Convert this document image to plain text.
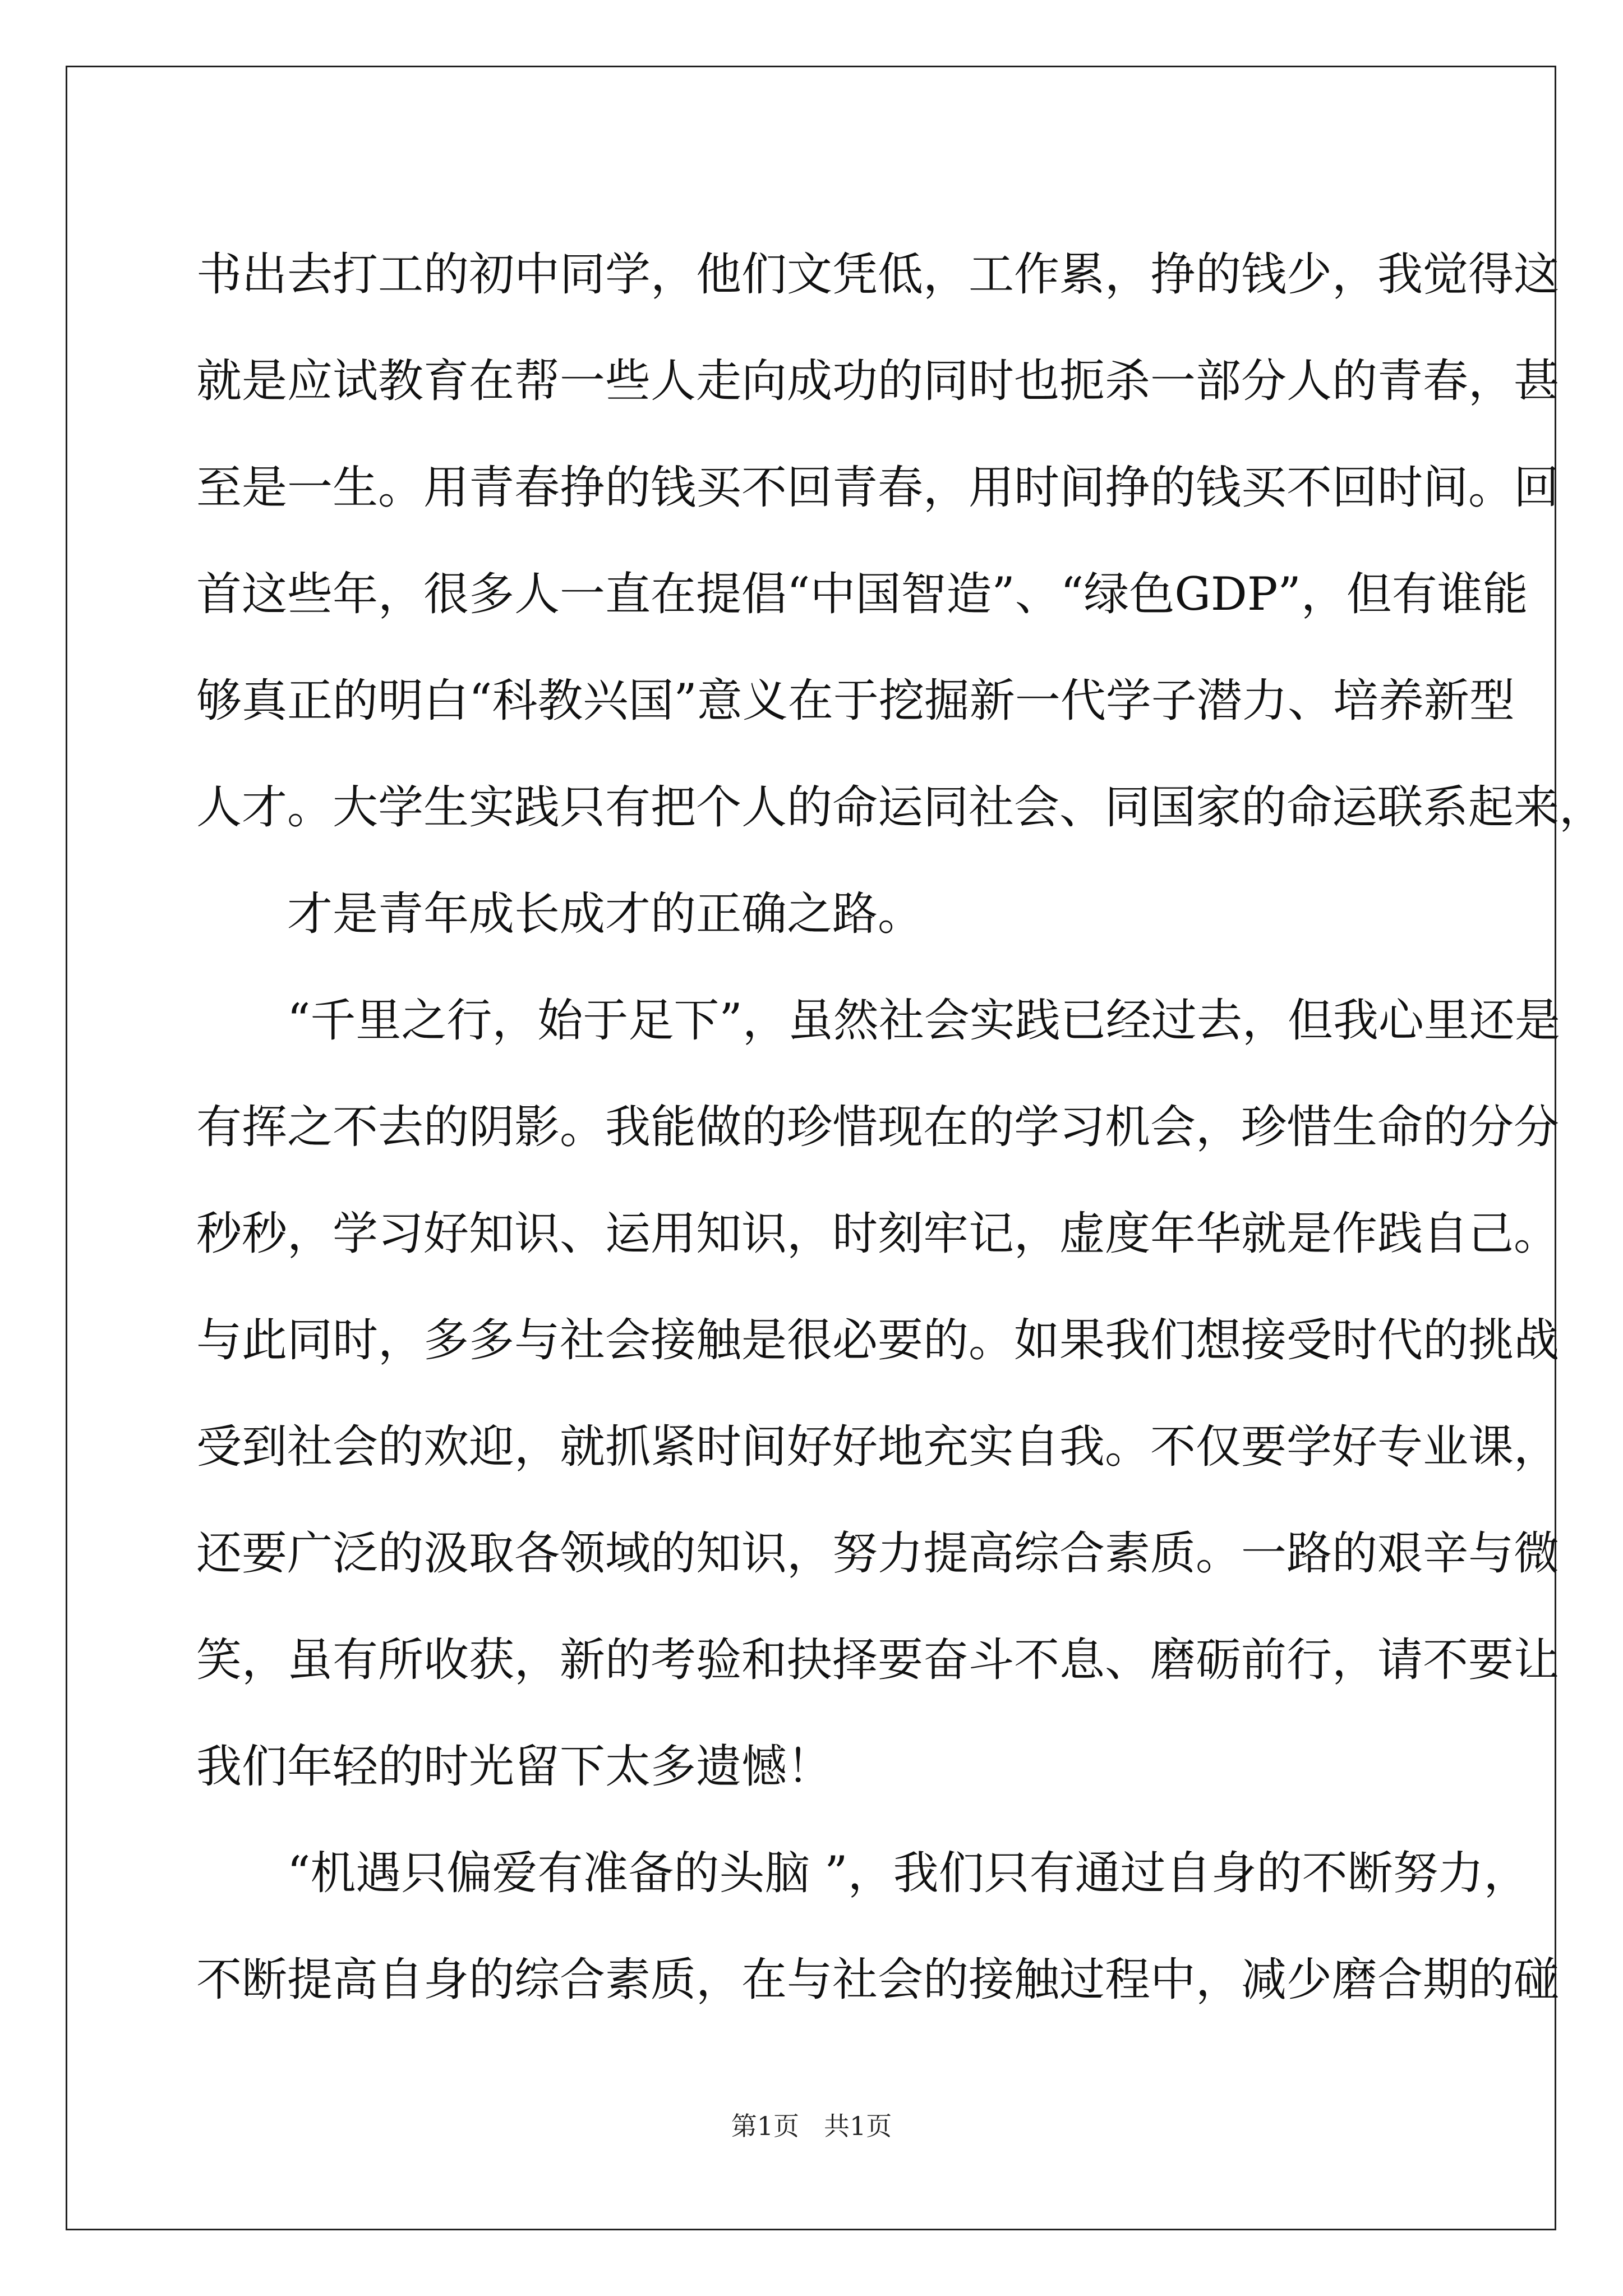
书出去打工的初中同学，他们文凭低，工作累，挣的钱少，我觉得这
就是应试教育在帮一些人走向成功的同时也扼杀一部分人的青春，甚
至是一生。用青春挣的钱买不回青春，用时间挣的钱买不回时间。回
首这些年，很多人一直在提倡“中国智造”、“绿色GDP”，但有谁能
够真正的明白“科教兴国”意义在于挖掘新一代学子潜力、培养新型
人才。大学生实践只有把个人的命运同社会、同国家的命运联系起来，
才是青年成长成才的正确之路。
“千里之行，始于足下”，虽然社会实践已经过去，但我心里还是
有挥之不去的阴影。我能做的珍惜现在的学习机会，珍惜生命的分分
秒秒，学习好知识、运用知识，时刻牢记，虚度年华就是作践自己。
与此同时，多多与社会接触是很必要的。如果我们想接受时代的挑战
受到社会的欢迎，就抓紧时间好好地充实自我。不仅要学好专业课，
还要广泛的汲取各领域的知识，努力提高综合素质。一路的艰辛与微
笑，虽有所收获，新的考验和抉择要奋斗不息、磨砺前行，请不要让
我们年轻的时光留下太多遗憾！
“机遇只偏爱有准备的头脑 ”，我们只有通过自身的不断努力，
不断提高自身的综合素质，在与社会的接触过程中，减少磨合期的碰
第1页 共1页
